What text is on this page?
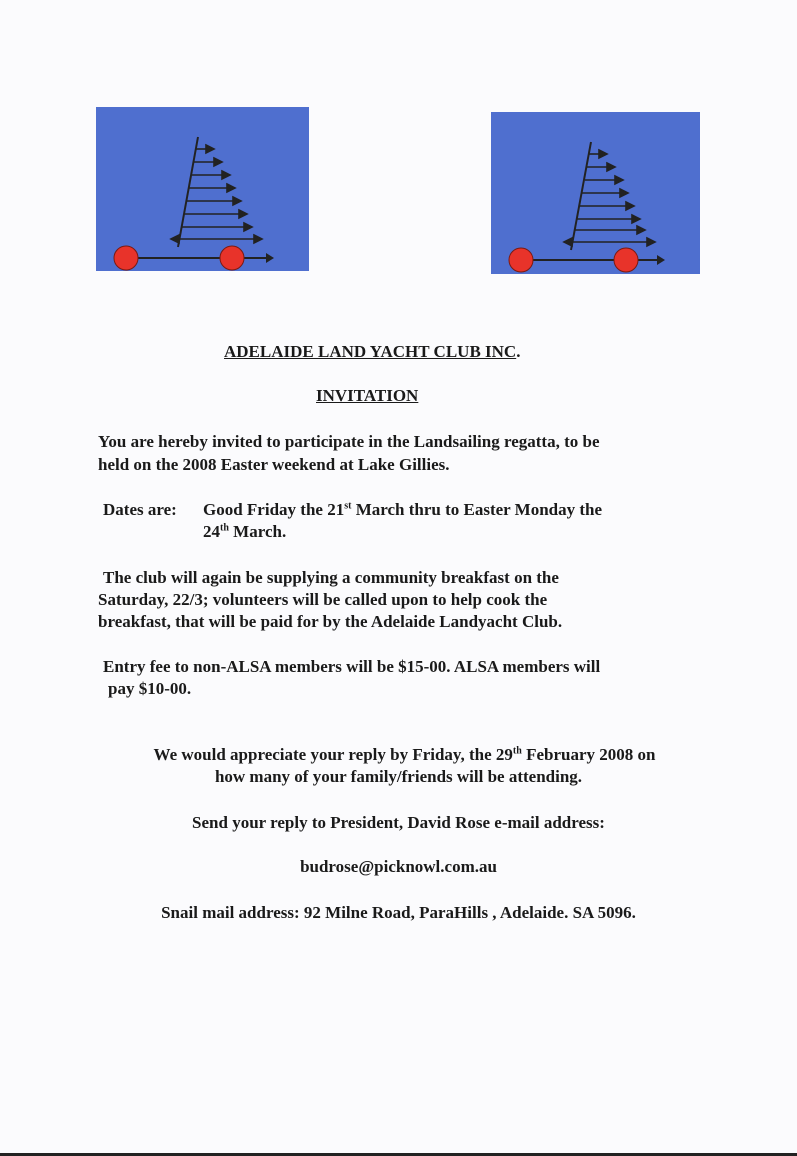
ADELAIDE LAND YACHT CLUB INC.
INVITATION
You are hereby invited to participate in the Landsailing regatta, to be
held on the 2008 Easter weekend at Lake Gillies.
Dates are: Good Friday the 21st March thru to Easter Monday the
24th March.
The club will again be supplying a community breakfast on the
Saturday, 22/3; volunteers will be called upon to help cook the
breakfast, that will be paid for by the Adelaide Landyacht Club.
Entry fee to non-ALSA members will be $15-00. ALSA members will
pay $10-00.
We would appreciate your reply by Friday, the 29th February 2008 on
how many of your family/friends will be attending.
Send your reply to President, David Rose e-mail address:
budrose@picknowl.com.au
Snail mail address: 92 Milne Road, ParaHills , Adelaide. SA 5096.
